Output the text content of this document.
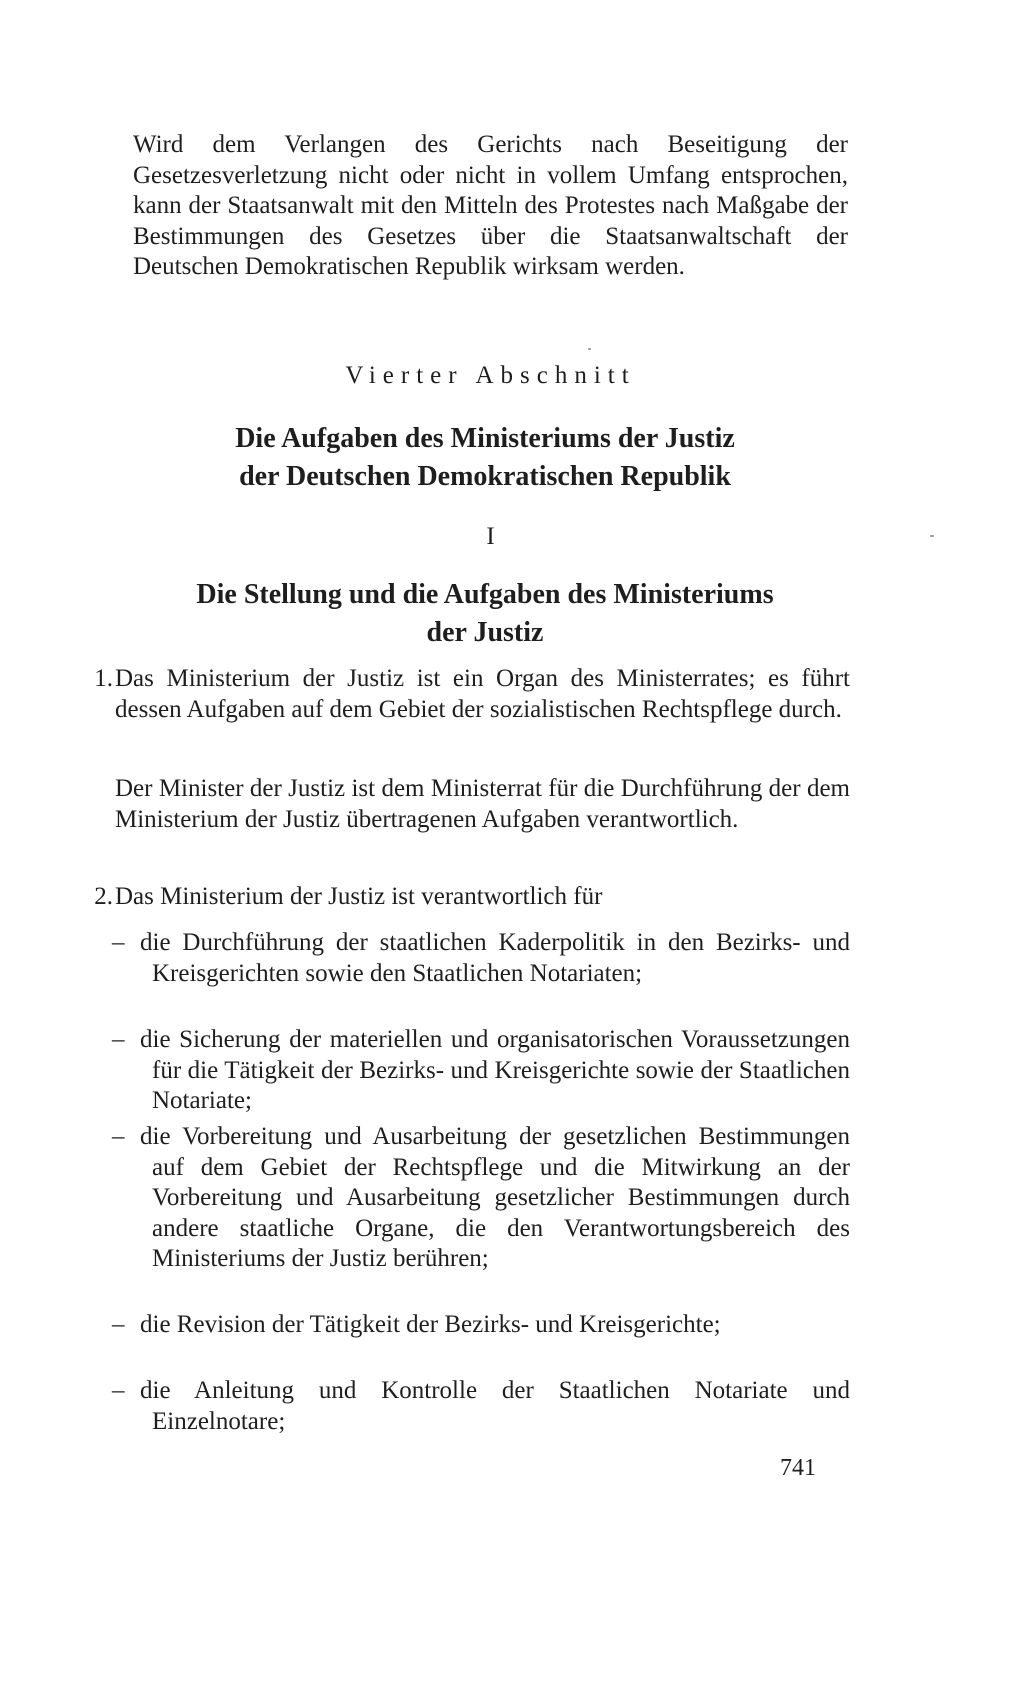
Wird dem Verlangen des Gerichts nach Beseitigung der Gesetzesverletzung nicht oder nicht in vollem Umfang entsprochen, kann der Staatsanwalt mit den Mitteln des Protestes nach Maßgabe der Bestimmungen des Gesetzes über die Staatsanwaltschaft der Deutschen Demokratischen Republik wirksam werden.

Vierter Abschnitt
Die Aufgaben des Ministeriums der Justiz
der Deutschen Demokratischen Republik
I
Die Stellung und die Aufgaben des Ministeriums
der Justiz
1. Das Ministerium der Justiz ist ein Organ des Ministerrates; es führt dessen Aufgaben auf dem Gebiet der sozialistischen Rechtspflege durch.

Der Minister der Justiz ist dem Ministerrat für die Durchführung der dem Ministerium der Justiz übertragenen Aufgaben verantwortlich.

2. Das Ministerium der Justiz ist verantwortlich für

– die Durchführung der staatlichen Kaderpolitik in den Bezirks- und Kreisgerichten sowie den Staatlichen Notariaten;

– die Sicherung der materiellen und organisatorischen Voraussetzungen für die Tätigkeit der Bezirks- und Kreisgerichte sowie der Staatlichen Notariate;

– die Vorbereitung und Ausarbeitung der gesetzlichen Bestimmungen auf dem Gebiet der Rechtspflege und die Mitwirkung an der Vorbereitung und Ausarbeitung gesetzlicher Bestimmungen durch andere staatliche Organe, die den Verantwortungsbereich des Ministeriums der Justiz berühren;

– die Revision der Tätigkeit der Bezirks- und Kreisgerichte;

– die Anleitung und Kontrolle der Staatlichen Notariate und Einzelnotare;

741
